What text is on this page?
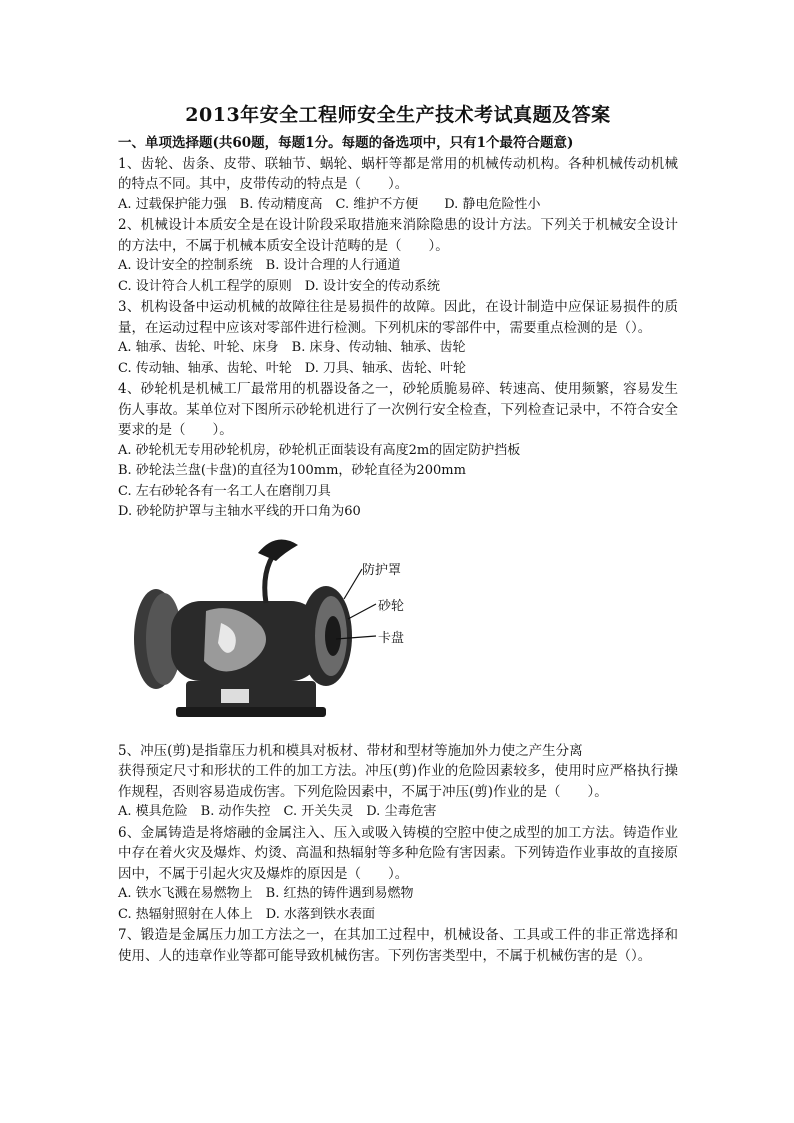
2013年安全工程师安全生产技术考试真题及答案

一、单项选择题(共60题，每题1分。每题的备选项中，只有1个最符合题意)

1、齿轮、齿条、皮带、联轴节、蜗轮、蜗杆等都是常用的机械传动机构。各种机械传动机械的特点不同。其中，皮带传动的特点是（　　）。

A. 过载保护能力强　B. 传动精度高　C. 维护不方便　　D. 静电危险性小

2、机械设计本质安全是在设计阶段采取措施来消除隐患的设计方法。下列关于机械安全设计的方法中，不属于机械本质安全设计范畴的是（　　）。

A. 设计安全的控制系统　B. 设计合理的人行通道

C. 设计符合人机工程学的原则　D. 设计安全的传动系统

3、机构设备中运动机械的故障往往是易损件的故障。因此，在设计制造中应保证易损件的质量，在运动过程中应该对零部件进行检测。下列机床的零部件中，需要重点检测的是（）。

A. 轴承、齿轮、叶轮、床身　B. 床身、传动轴、轴承、齿轮

C. 传动轴、轴承、齿轮、叶轮　D. 刀具、轴承、齿轮、叶轮

4、砂轮机是机械工厂最常用的机器设备之一，砂轮质脆易碎、转速高、使用频繁，容易发生伤人事故。某单位对下图所示砂轮机进行了一次例行安全检查，下列检查记录中，不符合安全要求的是（　　）。

A. 砂轮机无专用砂轮机房，砂轮机正面装设有高度2m的固定防护挡板

B. 砂轮法兰盘(卡盘)的直径为100mm，砂轮直径为200mm

C. 左右砂轮各有一名工人在磨削刀具

D. 砂轮防护罩与主轴水平线的开口角为60

防护罩
砂轮
卡盘

5、冲压(剪)是指靠压力机和模具对板材、带材和型材等施加外力使之产生分离

获得预定尺寸和形状的工件的加工方法。冲压(剪)作业的危险因素较多，使用时应严格执行操作规程，否则容易造成伤害。下列危险因素中，不属于冲压(剪)作业的是（　　）。

A. 模具危险　B. 动作失控　C. 开关失灵　D. 尘毒危害

6、金属铸造是将熔融的金属注入、压入或吸入铸模的空腔中使之成型的加工方法。铸造作业中存在着火灾及爆炸、灼烫、高温和热辐射等多种危险有害因素。下列铸造作业事故的直接原因中，不属于引起火灾及爆炸的原因是（　　）。

A. 铁水飞溅在易燃物上　B. 红热的铸件遇到易燃物

C. 热辐射照射在人体上　D. 水落到铁水表面

7、锻造是金属压力加工方法之一，在其加工过程中，机械设备、工具或工件的非正常选择和使用、人的违章作业等都可能导致机械伤害。下列伤害类型中，不属于机械伤害的是（）。
